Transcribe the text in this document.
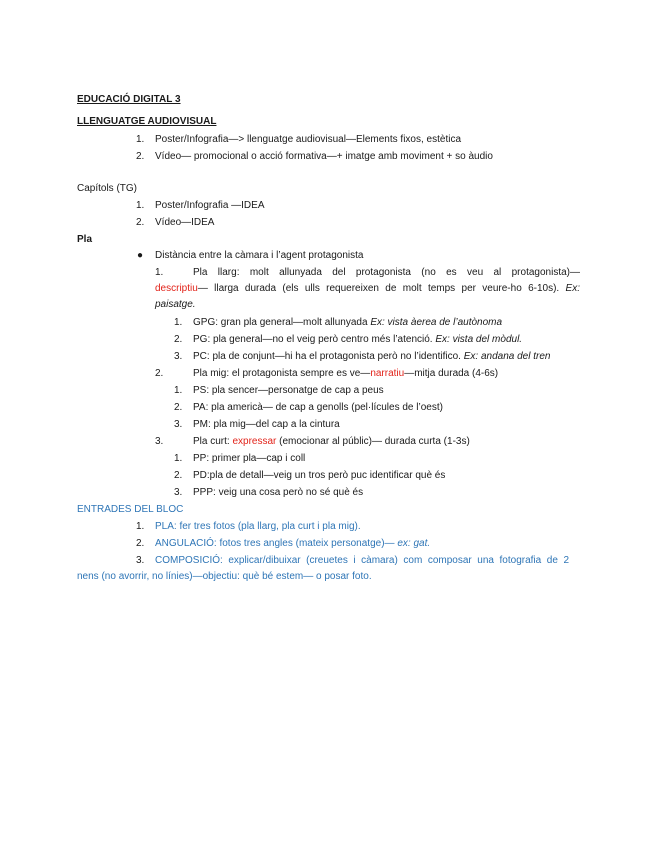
EDUCACIÓ DIGITAL 3
LLENGUATGE AUDIOVISUAL
1. Poster/Infografia—> llenguatge audiovisual—Elements fixos, estètica
2. Vídeo— promocional o acció formativa—+ imatge amb moviment + so àudio
Capítols (TG)
1. Poster/Infografia —IDEA
2. Vídeo—IDEA
Pla
● Distància entre la càmara i l’agent protagonista
1.	Pla llarg: molt allunyada del protagonista (no es veu al protagonista)—
descriptiu— llarga durada (els ulls requereixen de molt temps per veure-ho 6-10s). Ex:
paisatge.
1. GPG: gran pla general—molt allunyada Ex: vista àerea de l’autònoma
2. PG: pla general—no el veig però centro més l’atenció. Ex: vista del mòdul.
3. PC: pla de conjunt—hi ha el protagonista però no l’identifico. Ex: andana del tren
2.	Pla mig: el protagonista sempre es ve—narratiu—mitja durada (4-6s)
1. PS: pla sencer—personatge de cap a peus
2. PA: pla americà— de cap a genolls (pel·lícules de l’oest)
3. PM: pla mig—del cap a la cintura
3.	Pla curt: expressar (emocionar al públic)— durada curta (1-3s)
1. PP: primer pla—cap i coll
2. PD:pla de detall—veig un tros però puc identificar què és
3. PPP: veig una cosa però no sé què és
ENTRADES DEL BLOC
1. PLA: fer tres fotos (pla llarg, pla curt i pla mig).
2. ANGULACIÓ: fotos tres angles (mateix personatge)— ex: gat.
3. COMPOSICIÓ: explicar/dibuixar (creuetes i càmara) com composar una fotografia de 2
nens (no avorrir, no línies)—objectiu: què bé estem— o posar foto.
